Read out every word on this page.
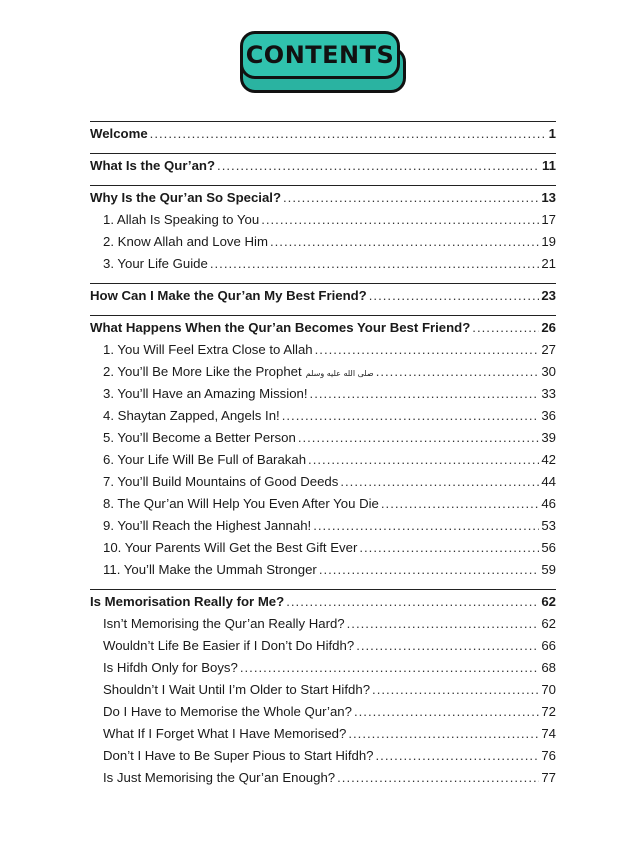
CONTENTS
Welcome .....	1
What Is the Qur’an? .....	11
Why Is the Qur’an So Special? .....	13
1. Allah Is Speaking to You .....	17
2. Know Allah and Love Him .....	19
3. Your Life Guide .....	21
How Can I Make the Qur’an My Best Friend? .....	23
What Happens When the Qur’an Becomes Your Best Friend? .....	26
1. You Will Feel Extra Close to Allah .....	27
2. You’ll Be More Like the Prophet صلى الله عليه وسلم .....	30
3. You’ll Have an Amazing Mission! .....	33
4. Shaytan Zapped, Angels In! .....	36
5. You’ll Become a Better Person .....	39
6. Your Life Will Be Full of Barakah .....	42
7. You’ll Build Mountains of Good Deeds .....	44
8. The Qur’an Will Help You Even After You Die .....	46
9. You’ll Reach the Highest Jannah! .....	53
10. Your Parents Will Get the Best Gift Ever .....	56
11. You’ll Make the Ummah Stronger .....	59
Is Memorisation Really for Me? .....	62
Isn’t Memorising the Qur’an Really Hard? .....	62
Wouldn’t Life Be Easier if I Don’t Do Hifdh? .....	66
Is Hifdh Only for Boys? .....	68
Shouldn’t I Wait Until I’m Older to Start Hifdh? .....	70
Do I Have to Memorise the Whole Qur’an? .....	72
What If I Forget What I Have Memorised? .....	74
Don’t I Have to Be Super Pious to Start Hifdh? .....	76
Is Just Memorising the Qur’an Enough? .....	77
